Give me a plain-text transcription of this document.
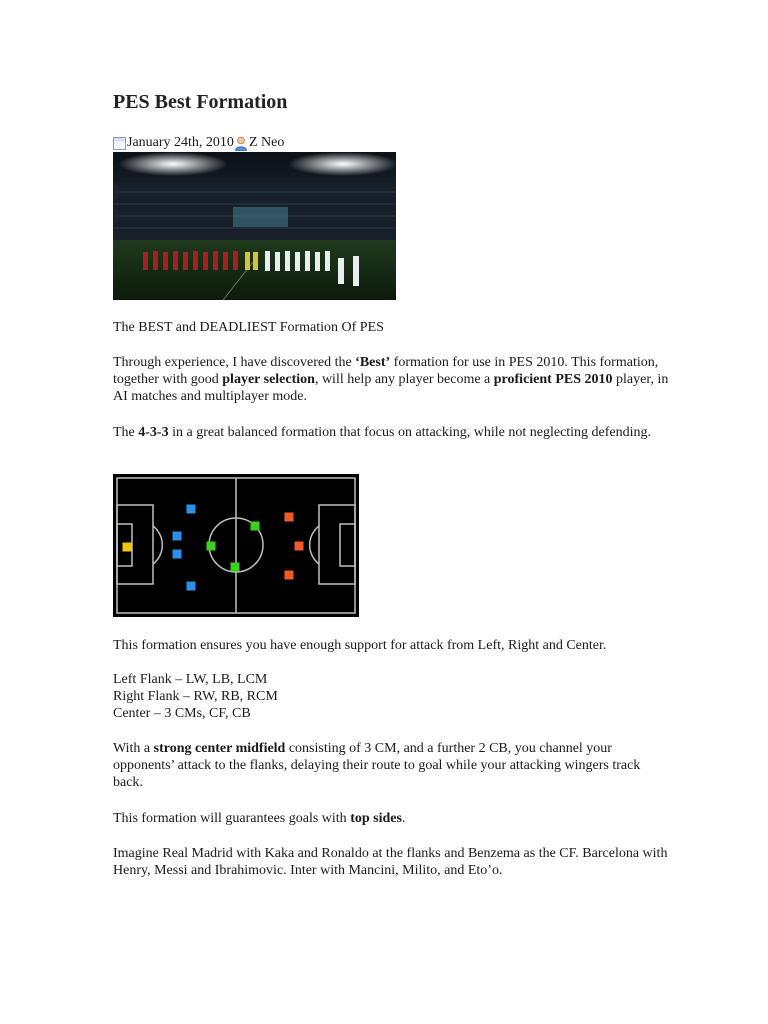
PES Best Formation
January 24th, 2010 Z Neo

The BEST and DEADLIEST Formation Of PES

Through experience, I have discovered the ‘Best’ formation for use in PES 2010. This formation, together with good player selection, will help any player become a proficient PES 2010 player, in AI matches and multiplayer mode.

The 4-3-3 in a great balanced formation that focus on attacking, while not neglecting defending.

This formation ensures you have enough support for attack from Left, Right and Center.

Left Flank – LW, LB, LCM
Right Flank – RW, RB, RCM
Center – 3 CMs, CF, CB

With a strong center midfield consisting of 3 CM, and a further 2 CB, you channel your opponents’ attack to the flanks, delaying their route to goal while your attacking wingers track back.

This formation will guarantees goals with top sides.

Imagine Real Madrid with Kaka and Ronaldo at the flanks and Benzema as the CF. Barcelona with Henry, Messi and Ibrahimovic. Inter with Mancini, Milito, and Eto’o.
